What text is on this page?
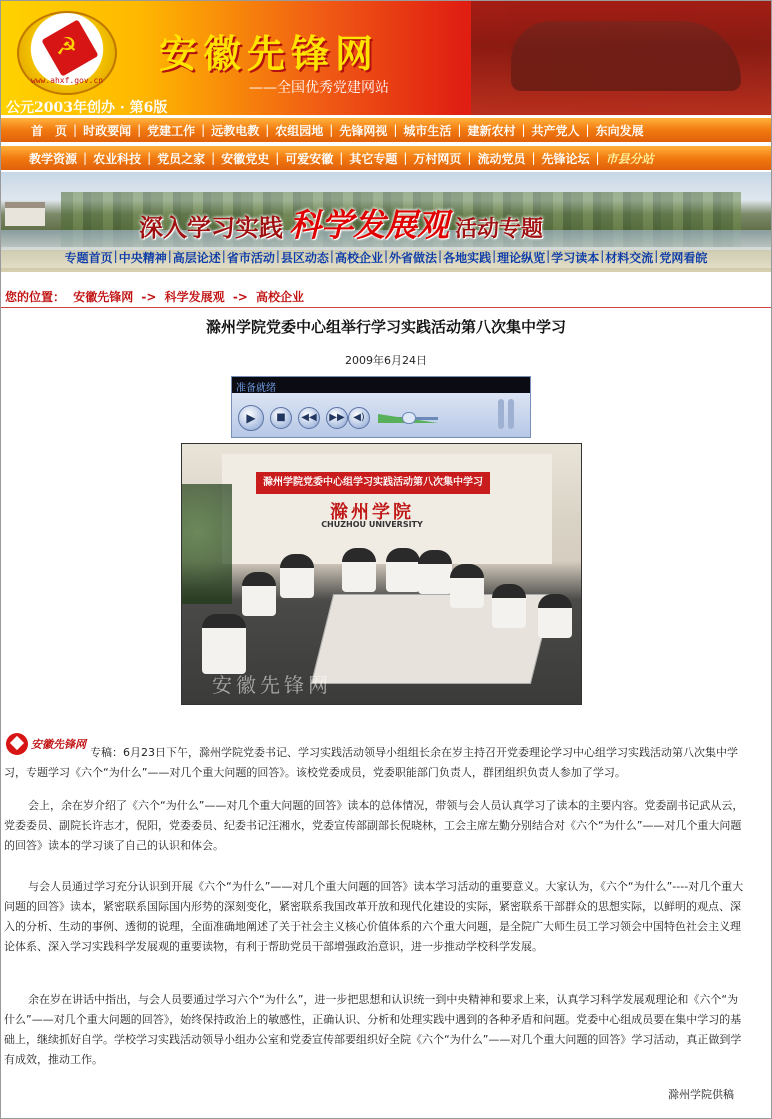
☭
www.ahxf.gov.cn
安徽先锋网
——全国优秀党建网站
公元2003年创办 · 第6版
首　页 | 时政要闻 | 党建工作 | 远教电教 | 农组园地 | 先锋网视 | 城市生活 | 建新农村 | 共产党人 | 东向发展
教学资源 | 农业科技 | 党员之家 | 安徽党史 | 可爱安徽 | 其它专题 | 万村网页 | 流动党员 | 先锋论坛 | 市县分站
深入学习实践 科学发展观 活动专题
专题首页 | 中央精神 | 高层论述 | 省市活动 | 县区动态 | 高校企业 | 外省做法 | 各地实践 | 理论纵览 | 学习读本 | 材料交流 | 党网看皖
您的位置： 安徽先锋网 -> 科学发展观 -> 高校企业
滁州学院党委中心组举行学习实践活动第八次集中学习
2009年6月24日
准备就绪
▶	■	◀◀	▶▶ ◀)
滁州学院党委中心组学习实践活动第八次集中学习
滁州学院
CHUZHOU UNIVERSITY
安徽先锋网
安徽先锋网
专稿：6月23日下午，滁州学院党委书记、学习实践活动领导小组组长余在岁主持召开党委理论学习中心组学习实践活动第八次集中学习，专题学习《六个“为什么”——对几个重大问题的回答》。该校党委成员，党委职能部门负责人，群团组织负责人参加了学习。
会上，余在岁介绍了《六个“为什么”——对几个重大问题的回答》读本的总体情况，带领与会人员认真学习了读本的主要内容。党委副书记武从云，党委委员、副院长许志才，倪阳，党委委员、纪委书记汪湘水，党委宣传部副部长倪晓林，工会主席左勤分别结合对《六个“为什么”——对几个重大问题的回答》读本的学习谈了自己的认识和体会。
与会人员通过学习充分认识到开展《六个“为什么”——对几个重大问题的回答》读本学习活动的重要意义。大家认为，《六个“为什么”----对几个重大问题的回答》读本，紧密联系国际国内形势的深刻变化，紧密联系我国改革开放和现代化建设的实际，紧密联系干部群众的思想实际，以鲜明的观点、深入的分析、生动的事例、透彻的说理，全面准确地阐述了关于社会主义核心价值体系的六个重大问题，是全院广大师生员工学习领会中国特色社会主义理论体系、深入学习实践科学发展观的重要读物，有利于帮助党员干部增强政治意识，进一步推动学校科学发展。
余在岁在讲话中指出，与会人员要通过学习六个“为什么”，进一步把思想和认识统一到中央精神和要求上来，认真学习科学发展观理论和《六个“为什么”——对几个重大问题的回答》，始终保持政治上的敏感性，正确认识、分析和处理实践中遇到的各种矛盾和问题。党委中心组成员要在集中学习的基础上，继续抓好自学。学校学习实践活动领导小组办公室和党委宣传部要组织好全院《六个“为什么”——对几个重大问题的回答》学习活动，真正做到学有成效，推动工作。
滁州学院供稿
